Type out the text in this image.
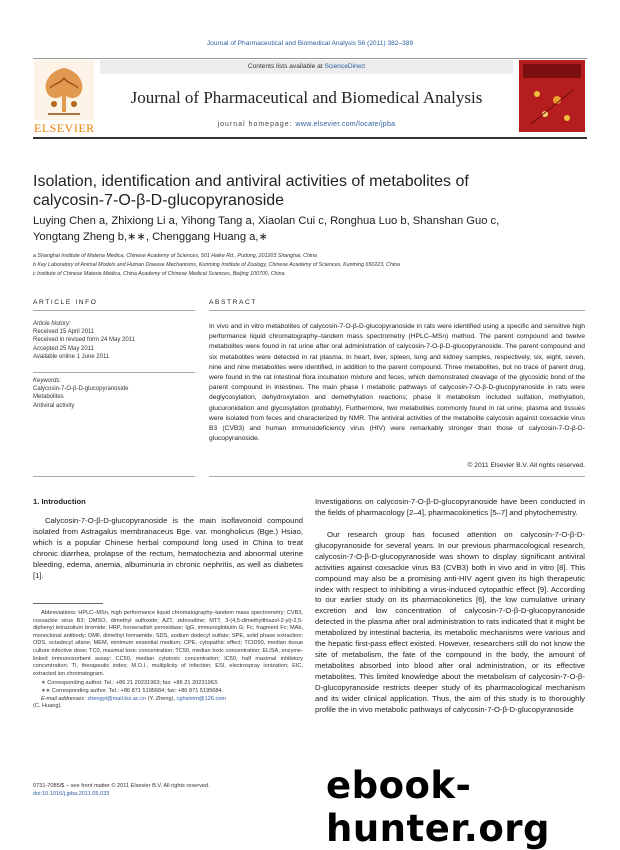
Journal of Pharmaceutical and Biomedical Analysis 56 (2011) 382–389
ELSEVIER
Contents lists available at ScienceDirect
Journal of Pharmaceutical and Biomedical Analysis
journal homepage: www.elsevier.com/locate/jpba
Isolation, identification and antiviral activities of metabolites of
calycosin-7-O-β-D-glucopyranoside
Luying Chen a, Zhixiong Li a, Yihong Tang a, Xiaolan Cui c, Ronghua Luo b, Shanshan Guo c,
Yongtang Zheng b,∗∗, Chenggang Huang a,∗
a Shanghai Institute of Materia Medica, Chinese Academy of Sciences, 501 Haike Rd., Pudong, 201203 Shanghai, China
b Key Laboratory of Animal Models and Human Disease Mechanisms, Kunming Institute of Zoology, Chinese Academy of Sciences, Kunming 650223, China
c Institute of Chinese Materia Medica, China Academy of Chinese Medical Sciences, Beijing 100700, China
ARTICLE INFO
Article history:
Received 15 April 2011
Received in revised form 24 May 2011
Accepted 25 May 2011
Available online 1 June 2011
Keywords:
Calycosin-7-O-β-D-glucopyranoside
Metabolites
Antiviral activity
ABSTRACT

In vivo and in vitro metabolites of calycosin-7-O-β-D-glucopyranoside in rats were identified using a specific and sensitive high performance liquid chromatography–tandem mass spectrometry (HPLC–MSn) method. The parent compound and twelve metabolites were found in rat urine after oral administration of calycosin-7-O-β-D-glucopyranoside. The parent compound and six metabolites were detected in rat plasma. In heart, liver, spleen, lung and kidney samples, respectively, six, eight, seven, nine and nine metabolites were identified, in addition to the parent compound. Three metabolites, but no trace of parent drug, were found in the rat intestinal flora incubation mixture and feces, which demonstrated cleavage of the glycosidic bond of the parent compound in intestines. The main phase I metabolic pathways of calycosin-7-O-β-D-glucopyranoside in rats were deglycosylation, dehydroxylation and demethylation reactions; phase II metabolism included sulfation, methylation, glucuronidation and glycosylation (probably). Furthermore, two metabolites commonly found in rat urine, plasma and tissues were isolated from feces and characterized by NMR. The antiviral activities of the metabolite calycosin against coxsackie virus B3 (CVB3) and human immunodeficiency virus (HIV) were remarkably stronger than those of calycosin-7-O-β-D-glucopyranoside.

© 2011 Elsevier B.V. All rights reserved.
1. Introduction

Calycosin-7-O-β-D-glucopyranoside is the main isoflavonoid compound isolated from Astragalus membranaceus Bge. var. mongholicus (Bge.) Hsiao, which is a popular Chinese herbal compound long used in China to treat chronic diarrhea, prolapse of the rectum, hematochezia and abnormal uterine bleeding, edema, anemia, albuminuria in chronic nephritis, as well as diabetes [1].

Abbreviations: HPLC–MSn, high performance liquid chromatography–tandem mass spectrometry; CVB3, coxsackie virus B3; DMSO, dimethyl sulfoxide; AZT, zidovudine; MTT, 3-(4,5-dimethylthiazol-2-yl)-2,5-diphenyl tetrazolium bromide; HRP, horseradish peroxidase; IgG, immunoglobulin G; Fc, fragment Fc; MAb, monoclonal antibody; DMF, dimethyl formamide; SDS, sodium dodecyl sulfate; SPE, solid phase extraction; ODS, octadecyl silane; MEM, minimum essential medium; CPE, cytopathic effect; TCID50, median tissue culture infective dose; TC0, maximal toxic concentration; TC50, median toxic concentration; ELISA, enzyme-linked immunosorbent assay; CC50, median cytotoxic concentration; IC50, half maximal inhibitory concentration; TI, therapeutic index; M.O.I., multiplicity of infection; ESI, electrospray ionization; EIC, extracted ion chromatogram.

∗ Corresponding author. Tel.: +86 21 20231963; fax: +86 21 20231963.

∗∗ Corresponding author. Tel.: +86 871 5195684; fax: +86 871 5195684.

E-mail addresses: zhengyt@mail.kiz.ac.cn (Y. Zheng), cghsimm@126.com

(C. Huang).

0731-7085/$ – see front matter © 2011 Elsevier B.V. All rights reserved.
doi:10.1016/j.jpba.2011.05.033

Investigations on calycosin-7-O-β-D-glucopyranoside have been conducted in the fields of pharmacology [2–4], pharmacokinetics [5–7] and phytochemistry.

Our research group has focused attention on calycosin-7-O-β-D-glucopyranoside for several years. In our previous pharmacological research, calycosin-7-O-β-D-glucopyranoside was shown to display significant antiviral activities against coxsackie virus B3 (CVB3) both in vivo and in vitro [8]. This compound may also be a promising anti-HIV agent given its high therapeutic index with respect to inhibiting a virus-induced cytopathic effect [9]. According to our earlier study on its pharmacokinetics [6], the low cumulative urinary excretion and low concentration of calycosin-7-O-β-D-glucopyranoside detected in the plasma after oral administration to rats indicated that it might be metabolized by intestinal bacteria, its metabolic mechanisms were various and the hepatic first-pass effect existed. However, researchers still do not know the site of metabolism, the fate of the compound in the body, the amount of metabolites absorbed into blood after oral administration, or its effective metabolites. This limited knowledge about the metabolism of calycosin-7-O-β-D-glucopyranoside restricts deeper study of its pharmacological mechanism and its wider clinical application. Thus, the aim of this study is to thoroughly profile the in vivo metabolic pathways of calycosin-7-O-β-D-glucopyranoside

ebook-hunter.org
